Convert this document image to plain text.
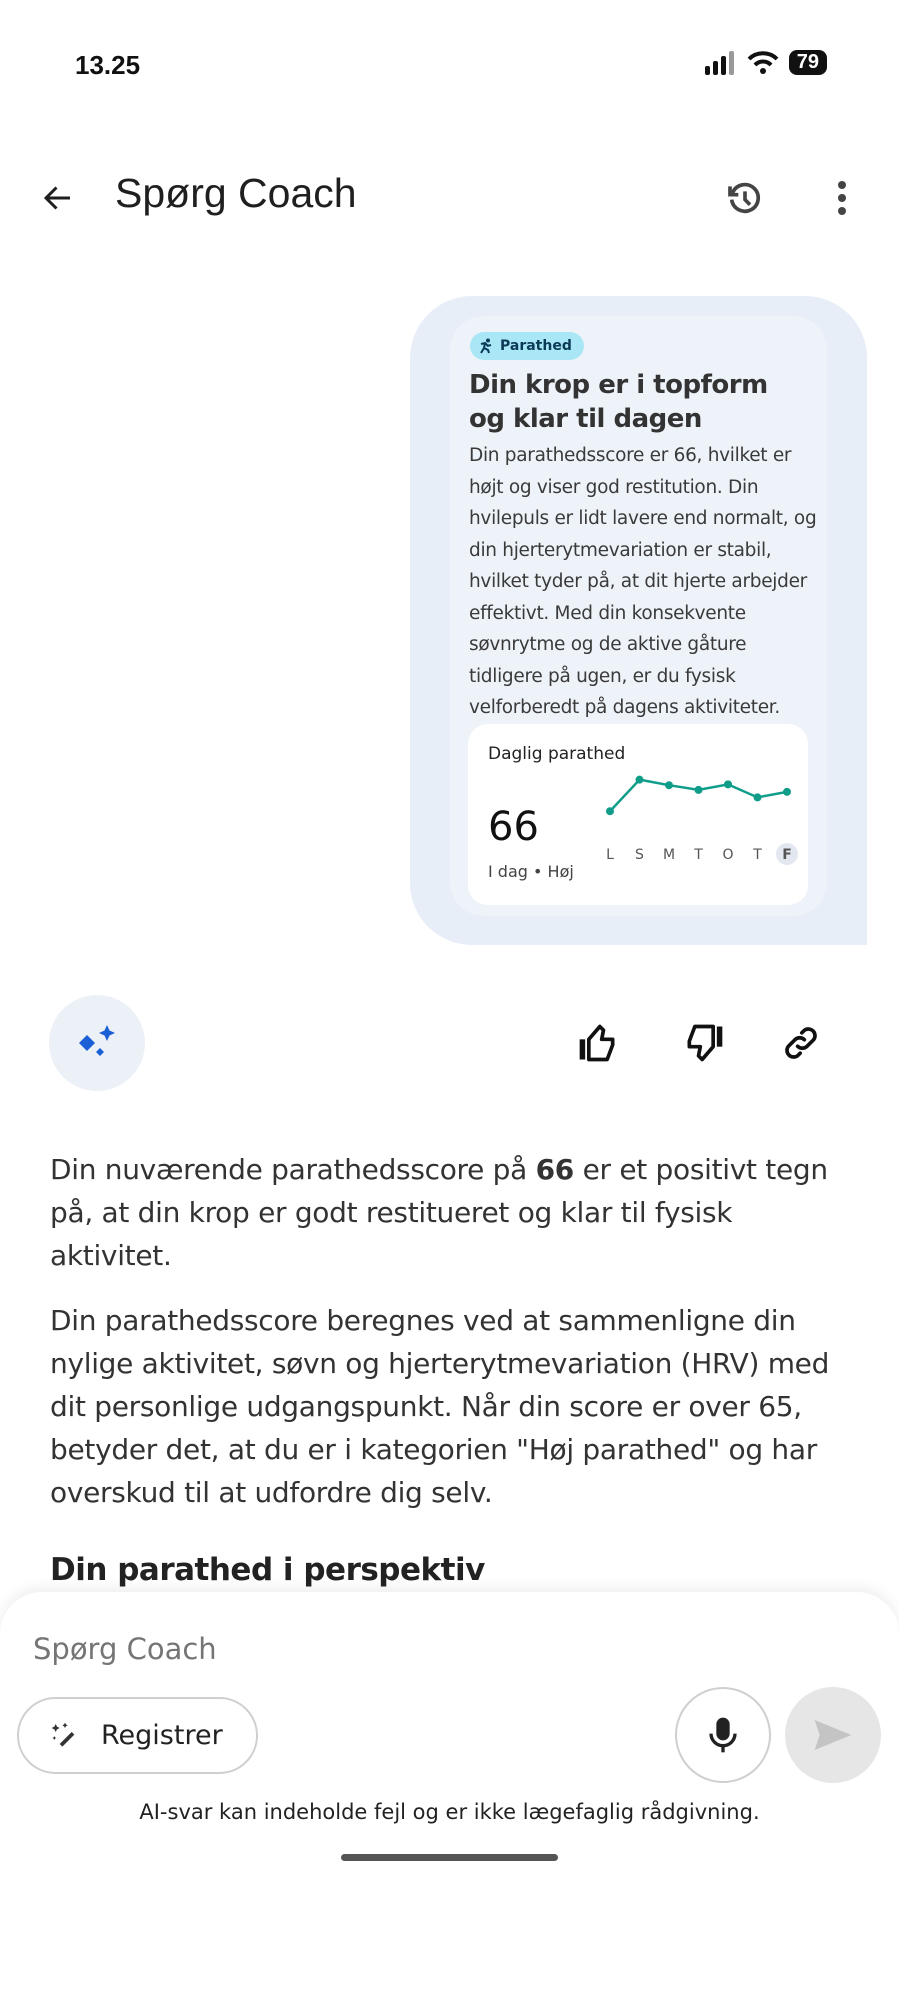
13.25	79
Spørg Coach
Parathed
Din krop er i topform og klar til dagen
Din parathedsscore er 66, hvilket er højt og viser god restitution. Din hvilepuls er lidt lavere end normalt, og din hjerterytmevariation er stabil, hvilket tyder på, at dit hjerte arbejder effektivt. Med din konsekvente søvnrytme og de aktive gåture tidligere på ugen, er du fysisk velforberedt på dagens aktiviteter.
Daglig parathed
66
I dag • Høj
L S M T O T F
Din nuværende parathedsscore på 66 er et positivt tegn på, at din krop er godt restitueret og klar til fysisk aktivitet.
Din parathedsscore beregnes ved at sammenligne din nylige aktivitet, søvn og hjerterytmevariation (HRV) med dit personlige udgangspunkt. Når din score er over 65, betyder det, at du er i kategorien "Høj parathed" og har overskud til at udfordre dig selv.
Din parathed i perspektiv
Spørg Coach
Registrer
AI-svar kan indeholde fejl og er ikke lægefaglig rådgivning.
